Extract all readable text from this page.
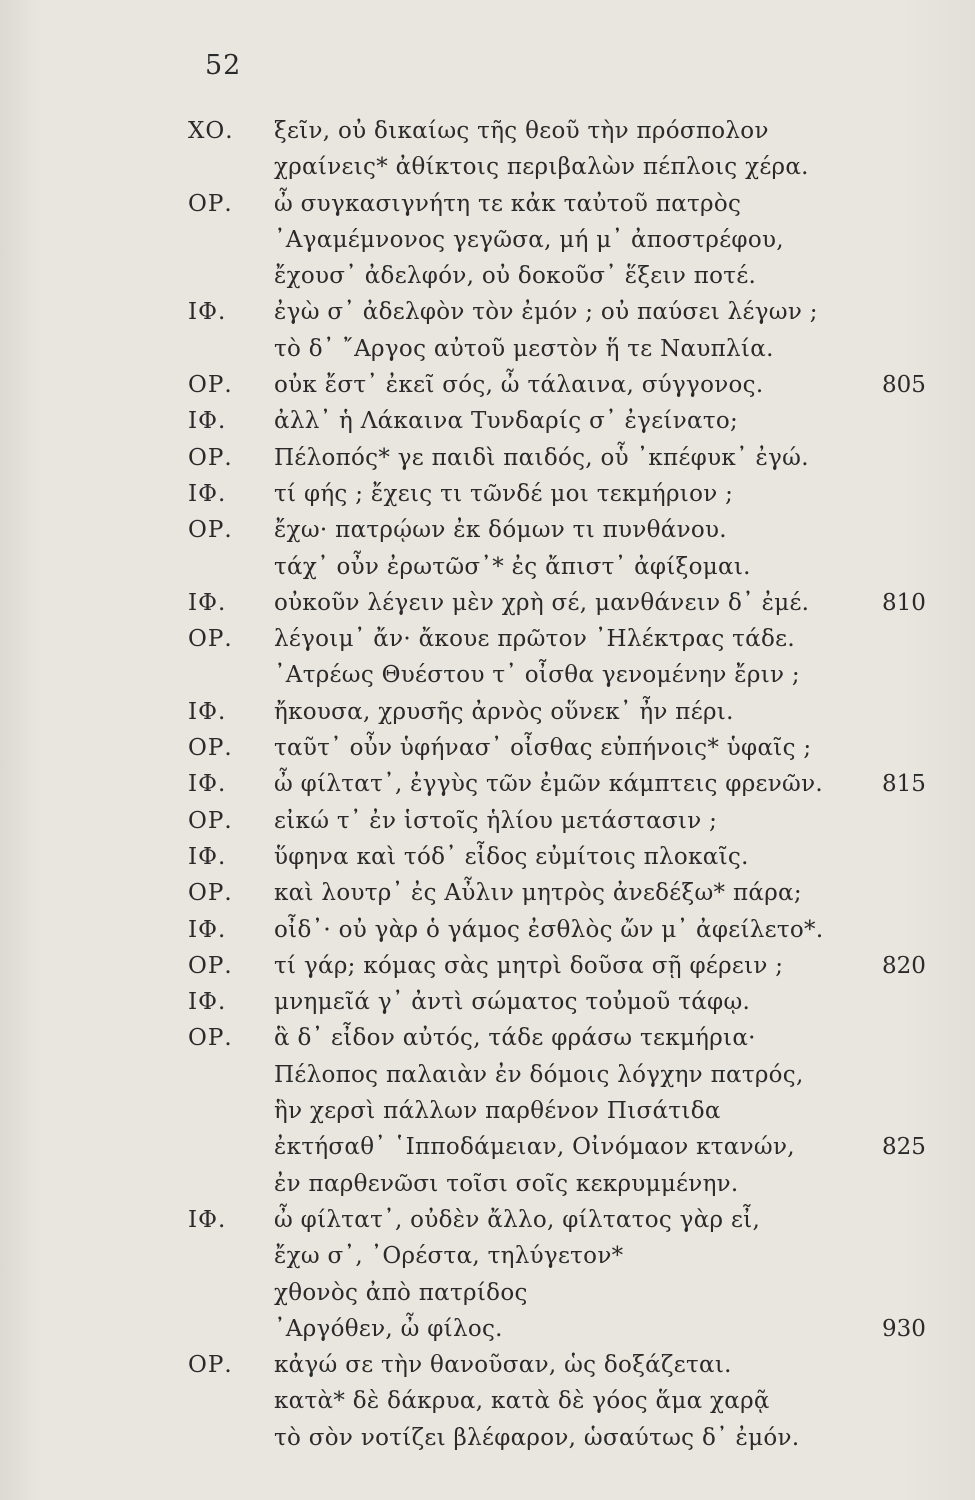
52
ΧΟ. ξεῖν, οὐ δικαίως τῆς θεοῦ τὴν πρόσπολον
χραίνεις* ἀθίκτοις περιβαλὼν πέπλοις χέρα.
ΟΡ. ὦ συγκασιγνήτη τε κἀκ ταὐτοῦ πατρὸς
᾿Αγαμέμνονος γεγῶσα, μή μ᾿ ἀποστρέφου,
ἔχουσ᾿ ἀδελφόν, οὐ δοκοῦσ᾿ ἕξειν ποτέ.
ΙΦ. ἐγὼ σ᾿ ἀδελφὸν τὸν ἐμόν ; οὐ παύσει λέγων ;
τὸ δ᾿ ῎Αργος αὐτοῦ μεστὸν ἥ τε Ναυπλία.
ΟΡ. οὐκ ἔστ᾿ ἐκεῖ σός, ὦ τάλαινα, σύγγονος.	805
ΙΦ. ἀλλ᾿ ἡ Λάκαινα Τυνδαρίς σ᾿ ἐγείνατο;
ΟΡ. Πέλοπός* γε παιδὶ παιδός, οὗ ᾿κπέφυκ᾿ ἐγώ.
ΙΦ. τί φής ; ἔχεις τι τῶνδέ μοι τεκμήριον ;
ΟΡ. ἔχω· πατρῴων ἐκ δόμων τι πυνθάνου.
τάχ᾿ οὖν ἐρωτῶσ᾿* ἐς ἄπιστ᾿ ἀφίξομαι.
ΙΦ. οὐκοῦν λέγειν μὲν χρὴ σέ, μανθάνειν δ᾿ ἐμέ.	810
ΟΡ. λέγοιμ᾿ ἄν· ἄκουε πρῶτον ᾿Ηλέκτρας τάδε.
᾿Ατρέως Θυέστου τ᾿ οἶσθα γενομένην ἔριν ;
ΙΦ. ἤκουσα, χρυσῆς ἀρνὸς οὕνεκ᾿ ἦν πέρι.
ΟΡ. ταῦτ᾿ οὖν ὑφήνασ᾿ οἶσθας εὐπήνοις* ὑφαῖς ;
ΙΦ. ὦ φίλτατ᾿, ἐγγὺς τῶν ἐμῶν κάμπτεις φρενῶν.	815
ΟΡ. εἰκώ τ᾿ ἐν ἱστοῖς ἡλίου μετάστασιν ;
ΙΦ. ὕφηνα καὶ τόδ᾿ εἶδος εὐμίτοις πλοκαῖς.
ΟΡ. καὶ λουτρ᾿ ἐς Αὖλιν μητρὸς ἀνεδέξω* πάρα;
ΙΦ. οἶδ᾿· οὐ γὰρ ὁ γάμος ἐσθλὸς ὤν μ᾿ ἀφείλετο*.
ΟΡ. τί γάρ; κόμας σὰς μητρὶ δοῦσα σῇ φέρειν ;	820
ΙΦ. μνημεῖά γ᾿ ἀντὶ σώματος τοὐμοῦ τάφῳ.
ΟΡ. ἃ δ᾿ εἶδον αὐτός, τάδε φράσω τεκμήρια·
Πέλοπος παλαιὰν ἐν δόμοις λόγχην πατρός,
ἣν χερσὶ πάλλων παρθένον Πισάτιδα
ἐκτήσαθ᾿ ῾Ιπποδάμειαν, Οἰνόμαον κτανών,	825
ἐν παρθενῶσι τοῖσι σοῖς κεκρυμμένην.
ΙΦ. ὦ φίλτατ᾿, οὐδὲν ἄλλο, φίλτατος γὰρ εἶ,
ἔχω σ᾿, ᾿Ορέστα, τηλύγετον*
χθονὸς ἀπὸ πατρίδος
᾿Αργόθεν, ὦ φίλος.	930
ΟΡ. κἀγώ σε τὴν θανοῦσαν, ὡς δοξάζεται.
κατὰ* δὲ δάκρυα, κατὰ δὲ γόος ἅμα χαρᾷ
τὸ σὸν νοτίζει βλέφαρον, ὡσαύτως δ᾿ ἐμόν.
